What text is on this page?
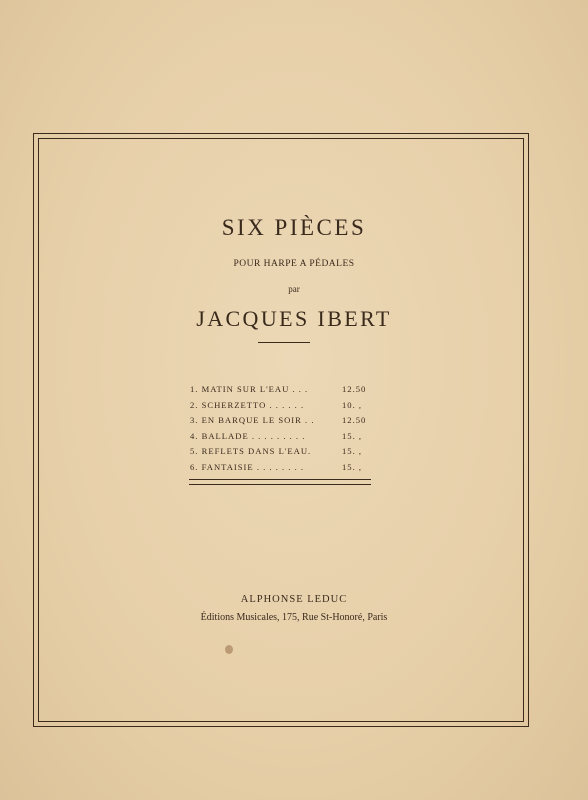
SIX PIÈCES
POUR HARPE A PÉDALES
par
JACQUES IBERT
1. MATIN SUR L'EAU . . .	12.50
2. SCHERZETTO . . . . . .	10. ,
3. EN BARQUE LE SOIR . .	12.50
4. BALLADE . . . . . . . . .	15. ,
5. REFLETS DANS L'EAU.	15. ,
6. FANTAISIE . . . . . . . .	15. ,
ALPHONSE LEDUC
Éditions Musicales, 175, Rue St-Honoré, Paris
